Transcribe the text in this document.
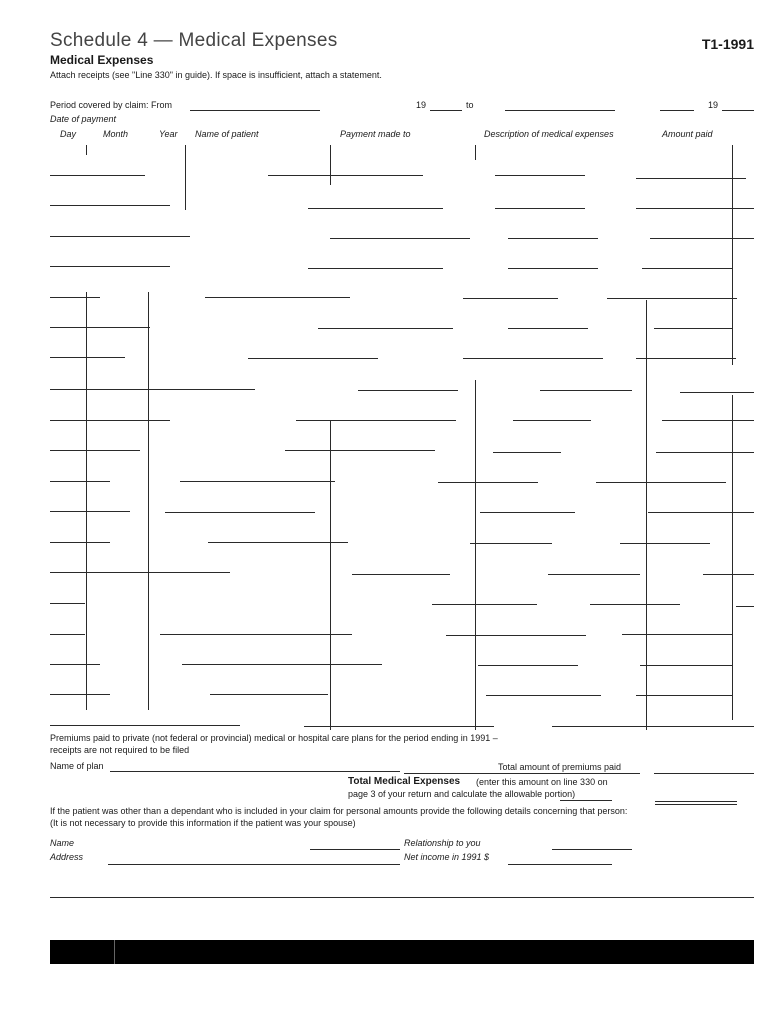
Schedule 4 — Medical Expenses	T1-1991
Medical Expenses
Attach receipts (see "Line 330" in guide). If space is insufficient, attach a statement.
Period covered by claim: From	19	to	19
Date of payment
Day	Month	Year Name of patient	Payment made to	Description of medical expenses	Amount paid
Premiums paid to private (not federal or provincial) medical or hospital care plans for the period ending in 1991 –
receipts are not required to be filed
Name of plan	Total amount of premiums paid
Total Medical Expenses (enter this amount on line 330 on
page 3 of your return and calculate the allowable portion)
If the patient was other than a dependant who is included in your claim for personal amounts provide the following details concerning that person:
(It is not necessary to provide this information if the patient was your spouse)
Name	Relationship to you
Address	Net income in 1991 $
